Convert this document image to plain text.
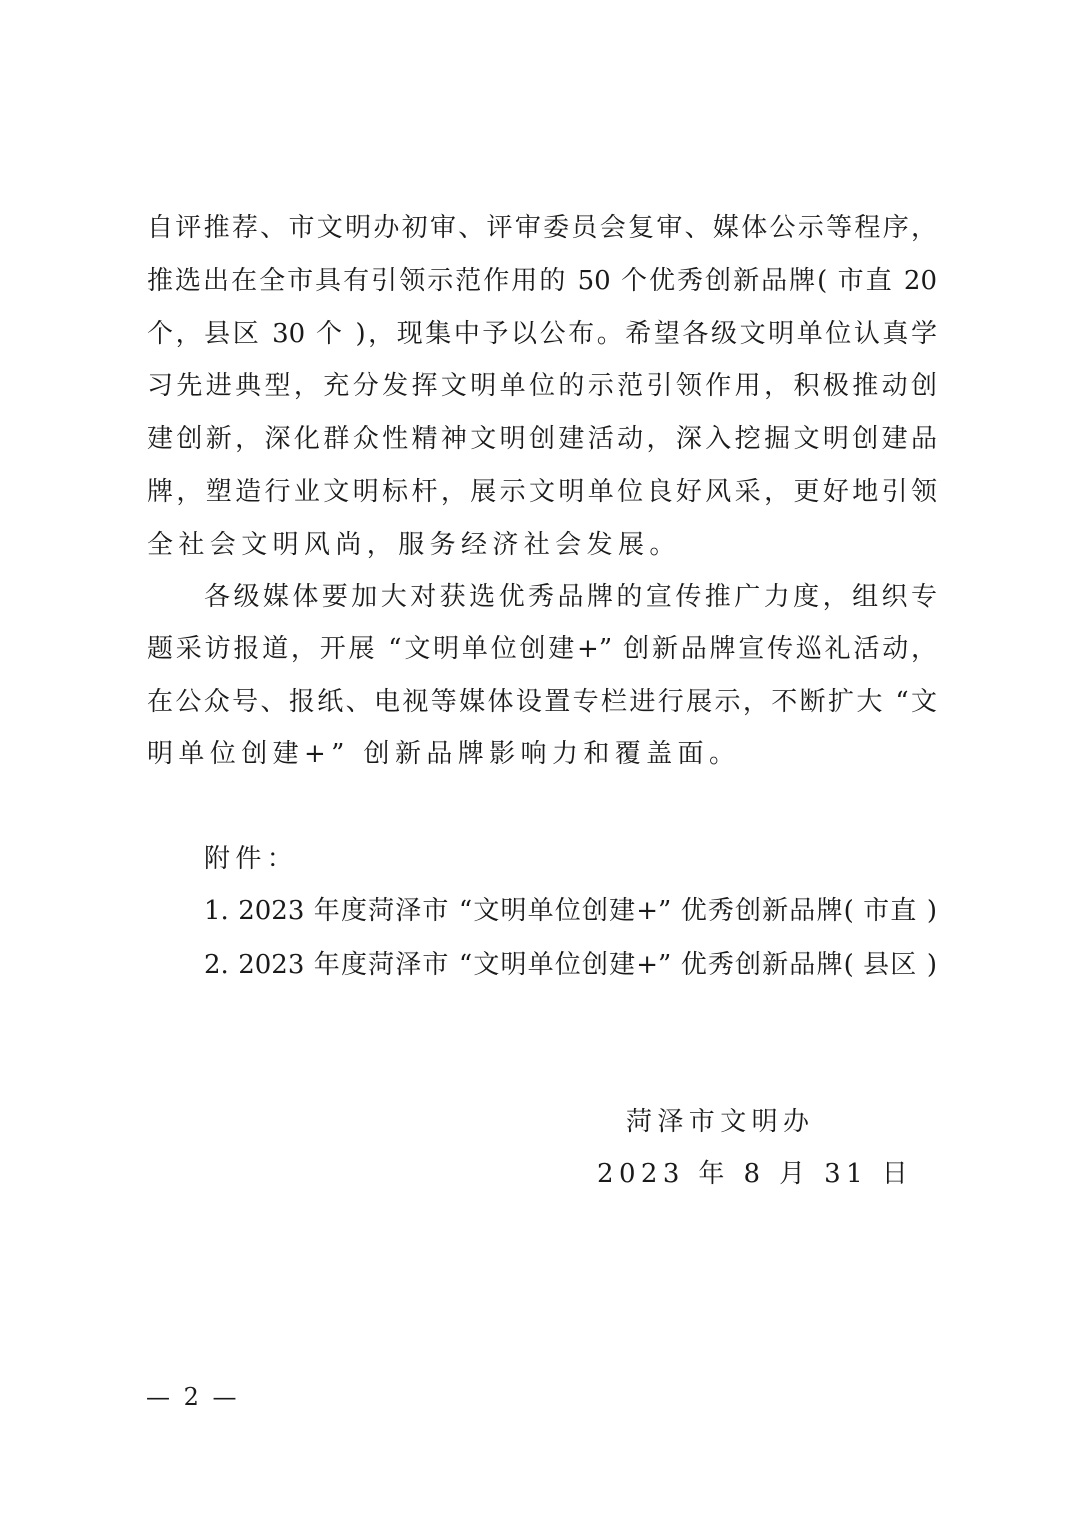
自评推荐、市文明办初审、评审委员会复审、媒体公示等程序，
推选出在全市具有引领示范作用的 50 个优秀创新品牌( 市直 20
个，县区 30 个 )，现集中予以公布。希望各级文明单位认真学
习先进典型，充分发挥文明单位的示范引领作用，积极推动创
建创新，深化群众性精神文明创建活动，深入挖掘文明创建品
牌，塑造行业文明标杆，展示文明单位良好风采，更好地引领
全社会文明风尚，服务经济社会发展。
各级媒体要加大对获选优秀品牌的宣传推广力度，组织专
题采访报道，开展 “文明单位创建+” 创新品牌宣传巡礼活动，
在公众号、报纸、电视等媒体设置专栏进行展示，不断扩大 “文
明单位创建+” 创新品牌影响力和覆盖面。
附件：
1. 2023 年度菏泽市 “文明单位创建+” 优秀创新品牌( 市直 )
2. 2023 年度菏泽市 “文明单位创建+” 优秀创新品牌( 县区 )
菏泽市文明办
2023 年 8 月 31 日
— 2 —
